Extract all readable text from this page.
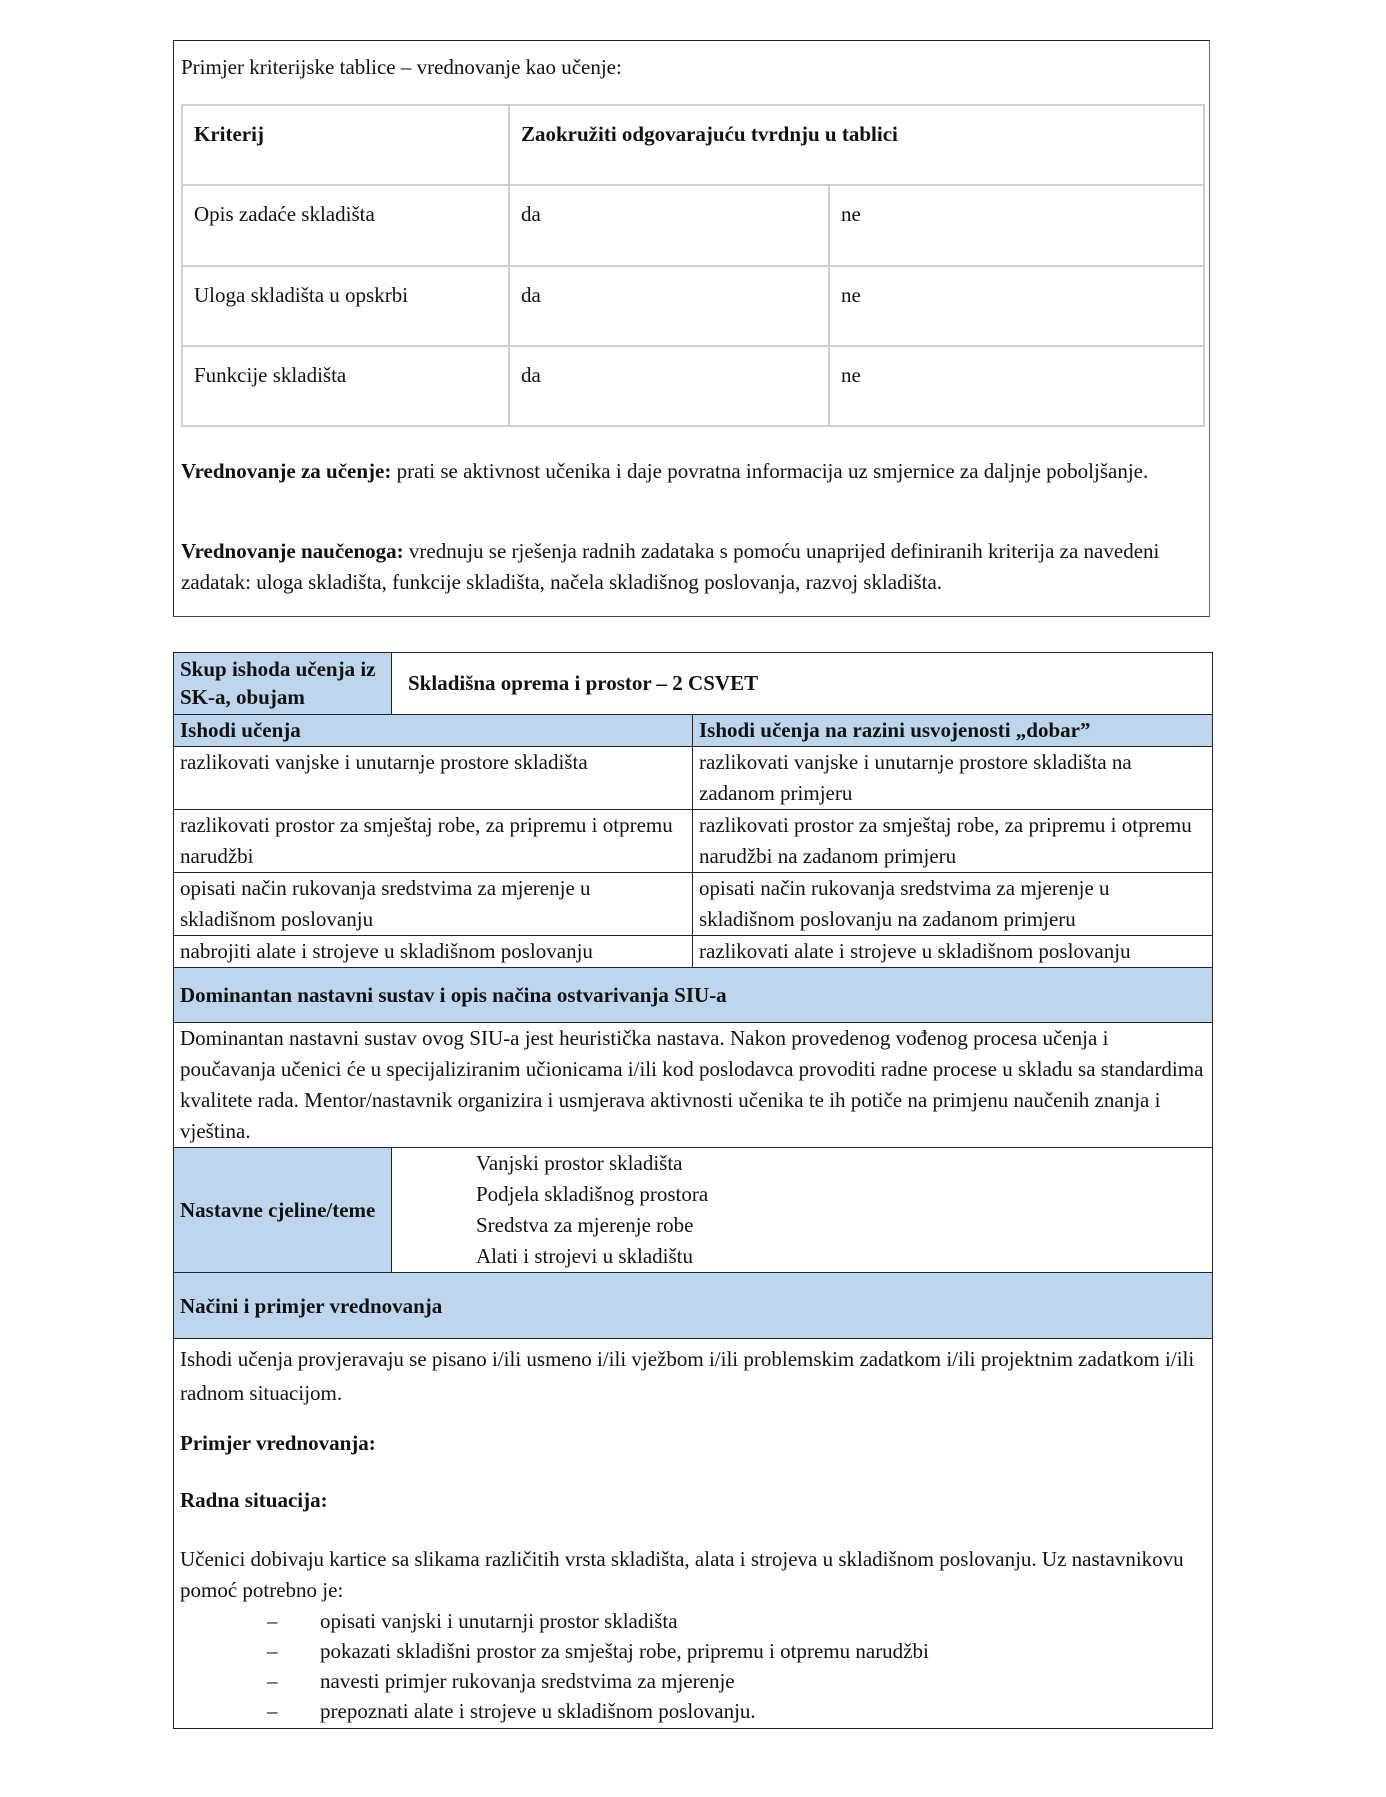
Primjer kriterijske tablice – vrednovanje kao učenje:
Kriterij	Zaokružiti odgovarajuću tvrdnju u tablici	
Opis zadaće skladišta	da	ne
Uloga skladišta u opskrbi	da	ne
Funkcije skladišta	da	ne
Vrednovanje za učenje: prati se aktivnost učenika i daje povratna informacija uz smjernice za daljnje poboljšanje.
Vrednovanje naučenoga: vrednuju se rješenja radnih zadataka s pomoću unaprijed definiranih kriterija za navedeni zadatak: uloga skladišta, funkcije skladišta, načela skladišnog poslovanja, razvoj skladišta.
Skup ishoda učenja iz SK-a, obujam	Skladišna oprema i prostor – 2 CSVET	
Ishodi učenja		Ishodi učenja na razini usvojenosti „dobar”
razlikovati vanjske i unutarnje prostore skladišta		razlikovati vanjske i unutarnje prostore skladišta na zadanom primjeru
razlikovati prostor za smještaj robe, za pripremu i otpremu narudžbi		razlikovati prostor za smještaj robe, za pripremu i otpremu narudžbi na zadanom primjeru
opisati način rukovanja sredstvima za mjerenje u skladišnom poslovanju		opisati način rukovanja sredstvima za mjerenje u skladišnom poslovanju na zadanom primjeru
nabrojiti alate i strojeve u skladišnom poslovanju		razlikovati alate i strojeve u skladišnom poslovanju
Dominantan nastavni sustav i opis načina ostvarivanja SIU-a		
Dominantan nastavni sustav ovog SIU-a jest heuristička nastava. Nakon provedenog vođenog procesa učenja i poučavanja učenici će u specijaliziranim učionicama i/ili kod poslodavca provoditi radne procese u skladu sa standardima kvalitete rada. Mentor/nastavnik organizira i usmjerava aktivnosti učenika te ih potiče na primjenu naučenih znanja i vještina.		
Nastavne cjeline/teme	Vanjski prostor skladišta
Podjela skladišnog prostora
Sredstva za mjerenje robe
Alati i strojevi u skladištu	

Načini i primjer vrednovanja		

Ishodi učenja provjeravaju se pisano i/ili usmeno i/ili vježbom i/ili problemskim zadatkom i/ili projektnim zadatkom i/ili radnom situacijom.
Primjer vrednovanja:
Radna situacija:
Učenici dobivaju kartice sa slikama različitih vrsta skladišta, alata i strojeva u skladišnom poslovanju. Uz nastavnikovu pomoć potrebno je:
– opisati vanjski i unutarnji prostor skladišta
– pokazati skladišni prostor za smještaj robe, pripremu i otpremu narudžbi
– navesti primjer rukovanja sredstvima za mjerenje
– prepoznati alate i strojeve u skladišnom poslovanju.
